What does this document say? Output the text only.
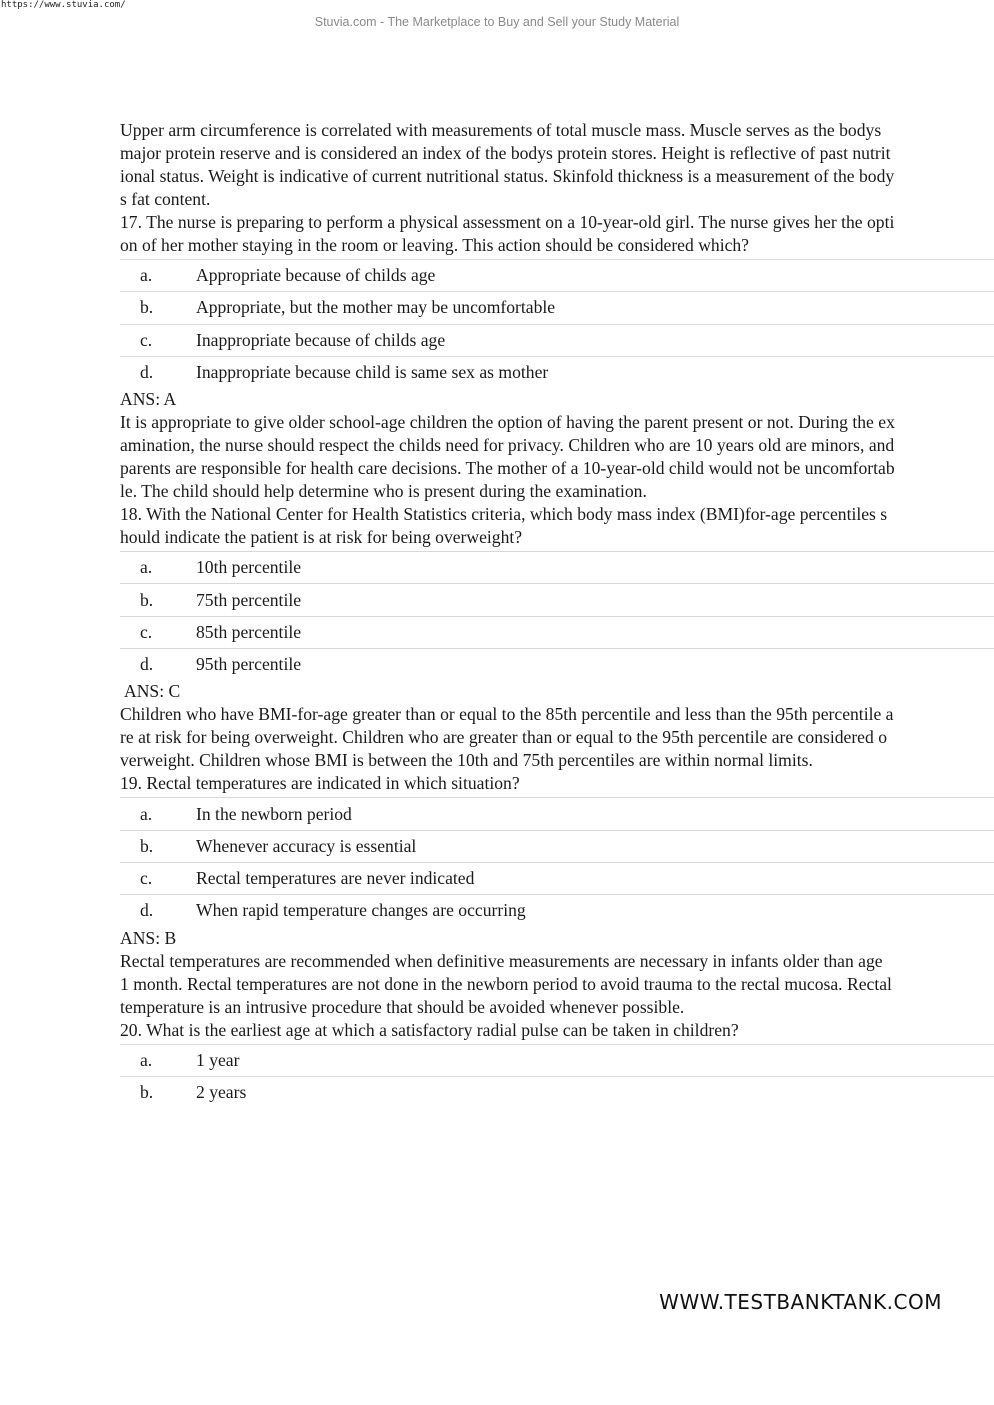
https://www.stuvia.com/
Stuvia.com - The Marketplace to Buy and Sell your Study Material

Upper arm circumference is correlated with measurements of total muscle mass. Muscle serves as the bodys major protein reserve and is considered an index of the bodys protein stores. Height is reflective of past nutritional status. Weight is indicative of current nutritional status. Skinfold thickness is a measurement of the bodys fat content.

17. The nurse is preparing to perform a physical assessment on a 10-year-old girl. The nurse gives her the option of her mother staying in the room or leaving. This action should be considered which?

a.	Appropriate because of childs age
b.	Appropriate, but the mother may be uncomfortable
c.	Inappropriate because of childs age
d.	Inappropriate because child is same sex as mother

ANS: A

It is appropriate to give older school-age children the option of having the parent present or not. During the examination, the nurse should respect the childs need for privacy. Children who are 10 years old are minors, and parents are responsible for health care decisions. The mother of a 10-year-old child would not be uncomfortable. The child should help determine who is present during the examination.

18. With the National Center for Health Statistics criteria, which body mass index (BMI)for-age percentiles should indicate the patient is at risk for being overweight?

a.	10th percentile
b.	75th percentile
c.	85th percentile
d.	95th percentile

ANS: C

Children who have BMI-for-age greater than or equal to the 85th percentile and less than the 95th percentile are at risk for being overweight. Children who are greater than or equal to the 95th percentile are considered overweight. Children whose BMI is between the 10th and 75th percentiles are within normal limits.

19. Rectal temperatures are indicated in which situation?

a.	In the newborn period
b.	Whenever accuracy is essential
c.	Rectal temperatures are never indicated
d.	When rapid temperature changes are occurring

ANS: B

Rectal temperatures are recommended when definitive measurements are necessary in infants older than age 1 month. Rectal temperatures are not done in the newborn period to avoid trauma to the rectal mucosa. Rectal temperature is an intrusive procedure that should be avoided whenever possible.

20. What is the earliest age at which a satisfactory radial pulse can be taken in children?

a.	1 year
b.	2 years
WWW.TESTBANKTANK.COM
